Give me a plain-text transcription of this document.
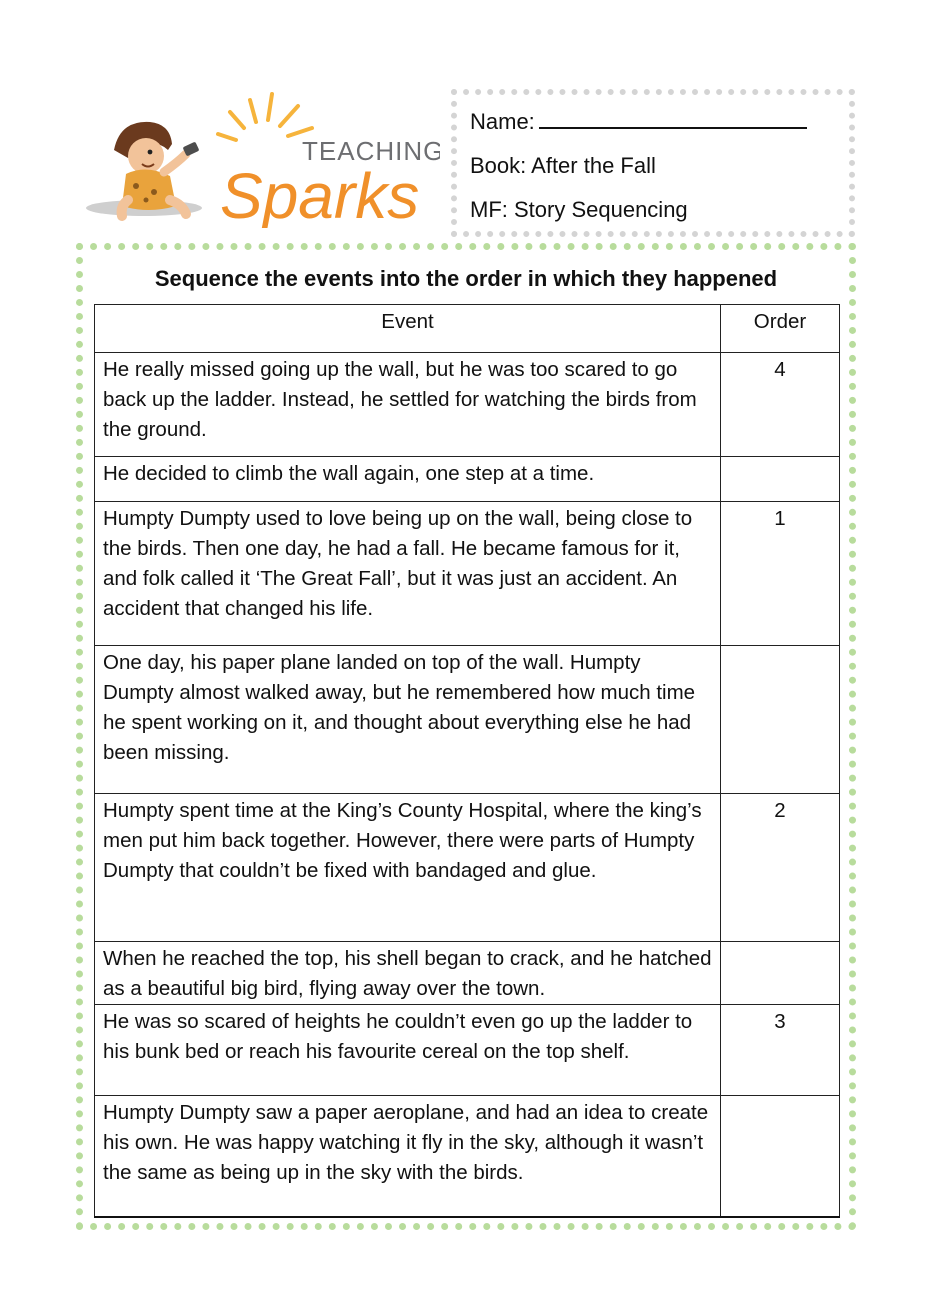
TEACHING
Sparks
Name:
Book: After the Fall
MF: Story Sequencing
Sequence the events into the order in which they happened
Event	Order
He really missed going up the wall, but he was too scared to go back up the ladder. Instead, he settled for watching the birds from the ground.	4
He decided to climb the wall again, one step at a time.	
Humpty Dumpty used to love being up on the wall, being close to the birds. Then one day, he had a fall. He became famous for it, and folk called it ‘The Great Fall’, but it was just an accident. An accident that changed his life.	1
One day, his paper plane landed on top of the wall. Humpty Dumpty almost walked away, but he remembered how much time he spent working on it, and thought about everything else he had been missing.	
Humpty spent time at the King’s County Hospital, where the king’s men put him back together. However, there were parts of Humpty Dumpty that couldn’t be fixed with bandaged and glue.	2
When he reached the top, his shell began to crack, and he hatched as a beautiful big bird, flying away over the town.	
He was so scared of heights he couldn’t even go up the ladder to his bunk bed or reach his favourite cereal on the top shelf.	3
Humpty Dumpty saw a paper aeroplane, and had an idea to create his own. He was happy watching it fly in the sky, although it wasn’t the same as being up in the sky with the birds.	
